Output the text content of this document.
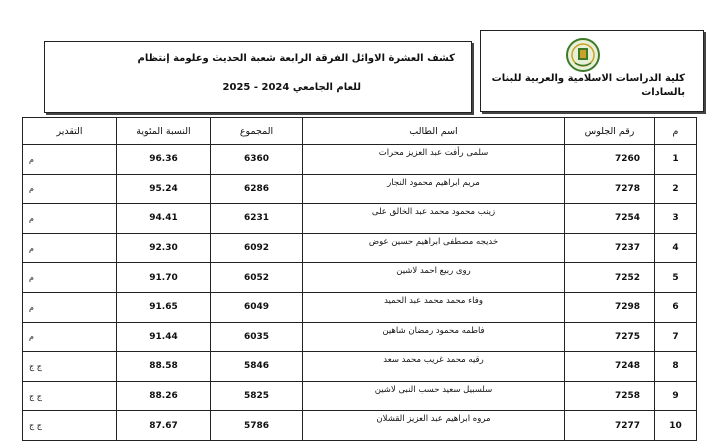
كشف العشرة الاوائل الفرقة الرابعة شعبة الحديث وعلومة إنتظام
للعام الجامعي 2024 - 2025
كلية الدراسات الاسلامية والعربية للبنات
بالسادات
م	رقم الجلوس	اسم الطالب	المجموع	النسبة المئوية	التقدير
1	7260	سلمى رأفت عبد العزيز محرات	6360	96.36	م
2	7278	مريم ابراهيم محمود النجار	6286	95.24	م
3	7254	زينب محمود محمد عبد الخالق على	6231	94.41	م
4	7237	خديجه مصطفى ابراهيم حسين عوض	6092	92.30	م
5	7252	روى ربيع احمد لاشين	6052	91.70	م
6	7298	وفاء محمد محمد عبد الحميد	6049	91.65	م
7	7275	فاطمه محمود رمضان شاهين	6035	91.44	م
8	7248	رقيه محمد غريب محمد سعد	5846	88.58	ج ج
9	7258	سلسبيل سعيد حسب النبى لاشين	5825	88.26	ج ج
10	7277	مروه ابراهيم عبد العزيز القشلان	5786	87.67	ج ج
